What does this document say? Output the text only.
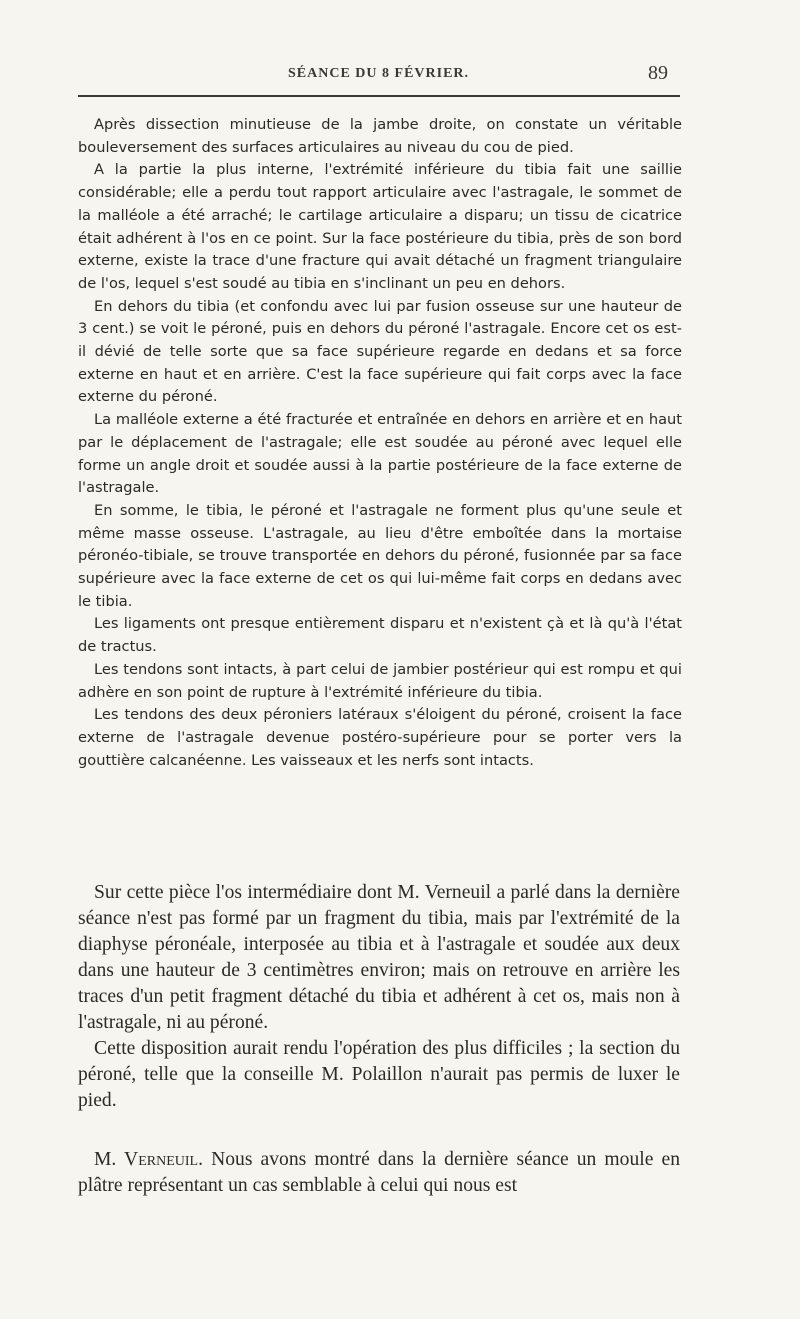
SÉANCE DU 8 FÉVRIER.	89

Après dissection minutieuse de la jambe droite, on constate un véritable bouleversement des surfaces articulaires au niveau du cou de pied.

A la partie la plus interne, l'extrémité inférieure du tibia fait une saillie considérable; elle a perdu tout rapport articulaire avec l'astragale, le sommet de la malléole a été arraché; le cartilage articulaire a disparu; un tissu de cicatrice était adhérent à l'os en ce point. Sur la face postérieure du tibia, près de son bord externe, existe la trace d'une fracture qui avait détaché un fragment triangulaire de l'os, lequel s'est soudé au tibia en s'inclinant un peu en dehors.

En dehors du tibia (et confondu avec lui par fusion osseuse sur une hauteur de 3 cent.) se voit le péroné, puis en dehors du péroné l'astragale. Encore cet os est-il dévié de telle sorte que sa face supérieure regarde en dedans et sa force externe en haut et en arrière. C'est la face supérieure qui fait corps avec la face externe du péroné.

La malléole externe a été fracturée et entraînée en dehors en arrière et en haut par le déplacement de l'astragale; elle est soudée au péroné avec lequel elle forme un angle droit et soudée aussi à la partie postérieure de la face externe de l'astragale.

En somme, le tibia, le péroné et l'astragale ne forment plus qu'une seule et même masse osseuse. L'astragale, au lieu d'être emboîtée dans la mortaise péronéo-tibiale, se trouve transportée en dehors du péroné, fusionnée par sa face supérieure avec la face externe de cet os qui lui-même fait corps en dedans avec le tibia.

Les ligaments ont presque entièrement disparu et n'existent çà et là qu'à l'état de tractus.

Les tendons sont intacts, à part celui de jambier postérieur qui est rompu et qui adhère en son point de rupture à l'extrémité inférieure du tibia.

Les tendons des deux péroniers latéraux s'éloigent du péroné, croisent la face externe de l'astragale devenue postéro-supérieure pour se porter vers la gouttière calcanéenne. Les vaisseaux et les nerfs sont intacts.

Sur cette pièce l'os intermédiaire dont M. Verneuil a parlé dans la dernière séance n'est pas formé par un fragment du tibia, mais par l'extrémité de la diaphyse péronéale, interposée au tibia et à l'astragale et soudée aux deux dans une hauteur de 3 centimètres environ; mais on retrouve en arrière les traces d'un petit fragment détaché du tibia et adhérent à cet os, mais non à l'astragale, ni au péroné.

Cette disposition aurait rendu l'opération des plus difficiles ; la section du péroné, telle que la conseille M. Polaillon n'aurait pas permis de luxer le pied.

M. Verneuil. Nous avons montré dans la dernière séance un moule en plâtre représentant un cas semblable à celui qui nous est
